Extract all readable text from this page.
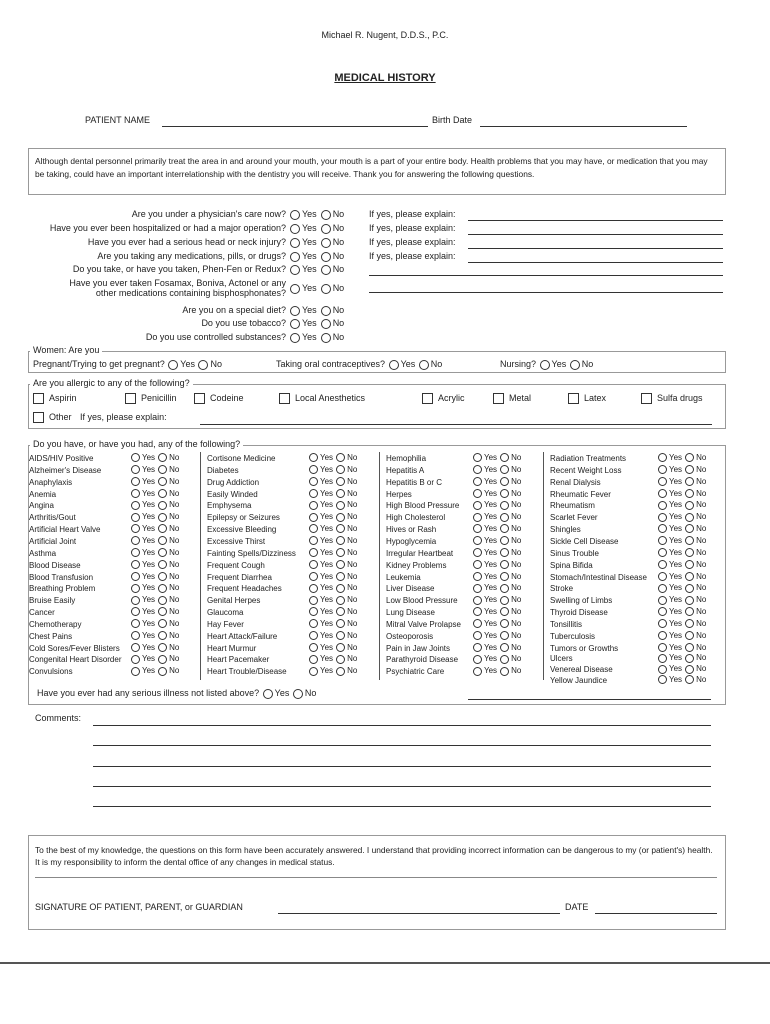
Michael R. Nugent, D.D.S., P.C.
MEDICAL HISTORY
PATIENT NAME	Birth Date
Although dental personnel primarily treat the area in and around your mouth, your mouth is a part of your entire body. Health problems that you may have, or medication that you may be taking, could have an important interrelationship with the dentistry you will receive. Thank you for answering the following questions.
Are you under a physician's care now?	Yes No	If yes, please explain:
Have you ever been hospitalized or had a major operation?	Yes No	If yes, please explain:
Have you ever had a serious head or neck injury?	Yes No	If yes, please explain:
Are you taking any medications, pills, or drugs?	Yes No	If yes, please explain:
Do you take, or have you taken, Phen-Fen or Redux?	Yes No
Have you ever taken Fosamax, Boniva, Actonel or any
other medications containing bisphosphonates?	Yes No
Are you on a special diet?	Yes No
Do you use tobacco?	Yes No
Do you use controlled substances?	Yes No
Women: Are you
Pregnant/Trying to get pregnant? Yes No	Taking oral contraceptives? Yes No	Nursing? Yes No
Are you allergic to any of the following?
Aspirin	Penicillin	Codeine	Local Anesthetics	Acrylic	Metal	Latex	Sulfa drugs
Other If yes, please explain:
Do you have, or have you had, any of the following?
AIDS/HIV Positive	Yes No
Alzheimer's Disease	Yes No
Anaphylaxis	Yes No
Anemia	Yes No
Angina	Yes No
Arthritis/Gout	Yes No
Artificial Heart Valve	Yes No
Artificial Joint	Yes No
Asthma	Yes No
Blood Disease	Yes No
Blood Transfusion	Yes No
Breathing Problem	Yes No
Bruise Easily	Yes No
Cancer	Yes No
Chemotherapy	Yes No
Chest Pains	Yes No
Cold Sores/Fever Blisters	Yes No
Congenital Heart Disorder	Yes No
Convulsions	Yes No
Cortisone Medicine	Yes No
Diabetes	Yes No
Drug Addiction	Yes No
Easily Winded	Yes No
Emphysema	Yes No
Epilepsy or Seizures	Yes No
Excessive Bleeding	Yes No
Excessive Thirst	Yes No
Fainting Spells/Dizziness	Yes No
Frequent Cough	Yes No
Frequent Diarrhea	Yes No
Frequent Headaches	Yes No
Genital Herpes	Yes No
Glaucoma	Yes No
Hay Fever	Yes No
Heart Attack/Failure	Yes No
Heart Murmur	Yes No
Heart Pacemaker	Yes No
Heart Trouble/Disease	Yes No
Hemophilia	Yes No
Hepatitis A	Yes No
Hepatitis B or C	Yes No
Herpes	Yes No
High Blood Pressure	Yes No
High Cholesterol	Yes No
Hives or Rash	Yes No
Hypoglycemia	Yes No
Irregular Heartbeat	Yes No
Kidney Problems	Yes No
Leukemia	Yes No
Liver Disease	Yes No
Low Blood Pressure	Yes No
Lung Disease	Yes No
Mitral Valve Prolapse	Yes No
Osteoporosis	Yes No
Pain in Jaw Joints	Yes No
Parathyroid Disease	Yes No
Psychiatric Care	Yes No
Radiation Treatments	Yes No
Recent Weight Loss	Yes No
Renal Dialysis	Yes No
Rheumatic Fever	Yes No
Rheumatism	Yes No
Scarlet Fever	Yes No
Shingles	Yes No
Sickle Cell Disease	Yes No
Sinus Trouble	Yes No
Spina Bifida	Yes No
Stomach/Intestinal Disease	Yes No
Stroke	Yes No
Swelling of Limbs	Yes No
Thyroid Disease	Yes No
Tonsillitis	Yes No
Tuberculosis	Yes No
Tumors or Growths	Yes No
Ulcers	Yes No
Venereal Disease	Yes No
Yellow Jaundice	Yes No
Have you ever had any serious illness not listed above? Yes No
Comments:
To the best of my knowledge, the questions on this form have been accurately answered. I understand that providing incorrect information can be dangerous to my (or patient's) health. It is my responsibility to inform the dental office of any changes in medical status.
SIGNATURE OF PATIENT, PARENT, or GUARDIAN	DATE
